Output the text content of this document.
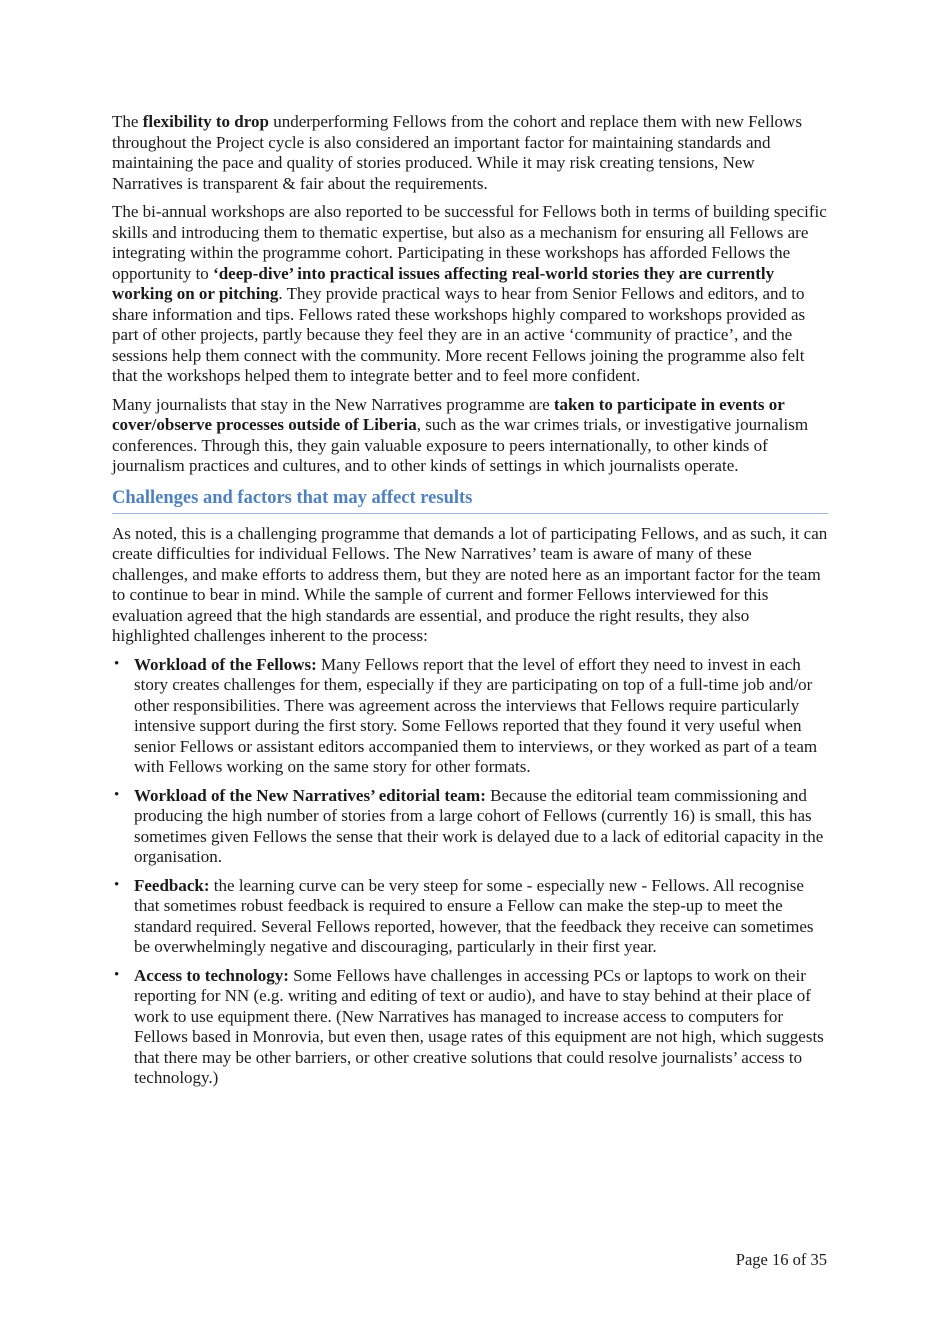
The flexibility to drop underperforming Fellows from the cohort and replace them with new Fellows throughout the Project cycle is also considered an important factor for maintaining standards and maintaining the pace and quality of stories produced. While it may risk creating tensions, New Narratives is transparent & fair about the requirements.

The bi-annual workshops are also reported to be successful for Fellows both in terms of building specific skills and introducing them to thematic expertise, but also as a mechanism for ensuring all Fellows are integrating within the programme cohort. Participating in these workshops has afforded Fellows the opportunity to ‘deep-dive’ into practical issues affecting real-world stories they are currently working on or pitching. They provide practical ways to hear from Senior Fellows and editors, and to share information and tips. Fellows rated these workshops highly compared to workshops provided as part of other projects, partly because they feel they are in an active ‘community of practice’, and the sessions help them connect with the community. More recent Fellows joining the programme also felt that the workshops helped them to integrate better and to feel more confident.

Many journalists that stay in the New Narratives programme are taken to participate in events or cover/observe processes outside of Liberia, such as the war crimes trials, or investigative journalism conferences. Through this, they gain valuable exposure to peers internationally, to other kinds of journalism practices and cultures, and to other kinds of settings in which journalists operate.

Challenges and factors that may affect results

As noted, this is a challenging programme that demands a lot of participating Fellows, and as such, it can create difficulties for individual Fellows. The New Narratives’ team is aware of many of these challenges, and make efforts to address them, but they are noted here as an important factor for the team to continue to bear in mind. While the sample of current and former Fellows interviewed for this evaluation agreed that the high standards are essential, and produce the right results, they also highlighted challenges inherent to the process:

• Workload of the Fellows: Many Fellows report that the level of effort they need to invest in each story creates challenges for them, especially if they are participating on top of a full-time job and/or other responsibilities. There was agreement across the interviews that Fellows require particularly intensive support during the first story. Some Fellows reported that they found it very useful when senior Fellows or assistant editors accompanied them to interviews, or they worked as part of a team with Fellows working on the same story for other formats.
• Workload of the New Narratives’ editorial team: Because the editorial team commissioning and producing the high number of stories from a large cohort of Fellows (currently 16) is small, this has sometimes given Fellows the sense that their work is delayed due to a lack of editorial capacity in the organisation.
• Feedback: the learning curve can be very steep for some - especially new - Fellows. All recognise that sometimes robust feedback is required to ensure a Fellow can make the step-up to meet the standard required. Several Fellows reported, however, that the feedback they receive can sometimes be overwhelmingly negative and discouraging, particularly in their first year.
• Access to technology: Some Fellows have challenges in accessing PCs or laptops to work on their reporting for NN (e.g. writing and editing of text or audio), and have to stay behind at their place of work to use equipment there. (New Narratives has managed to increase access to computers for Fellows based in Monrovia, but even then, usage rates of this equipment are not high, which suggests that there may be other barriers, or other creative solutions that could resolve journalists’ access to technology.)
Page 16 of 35
